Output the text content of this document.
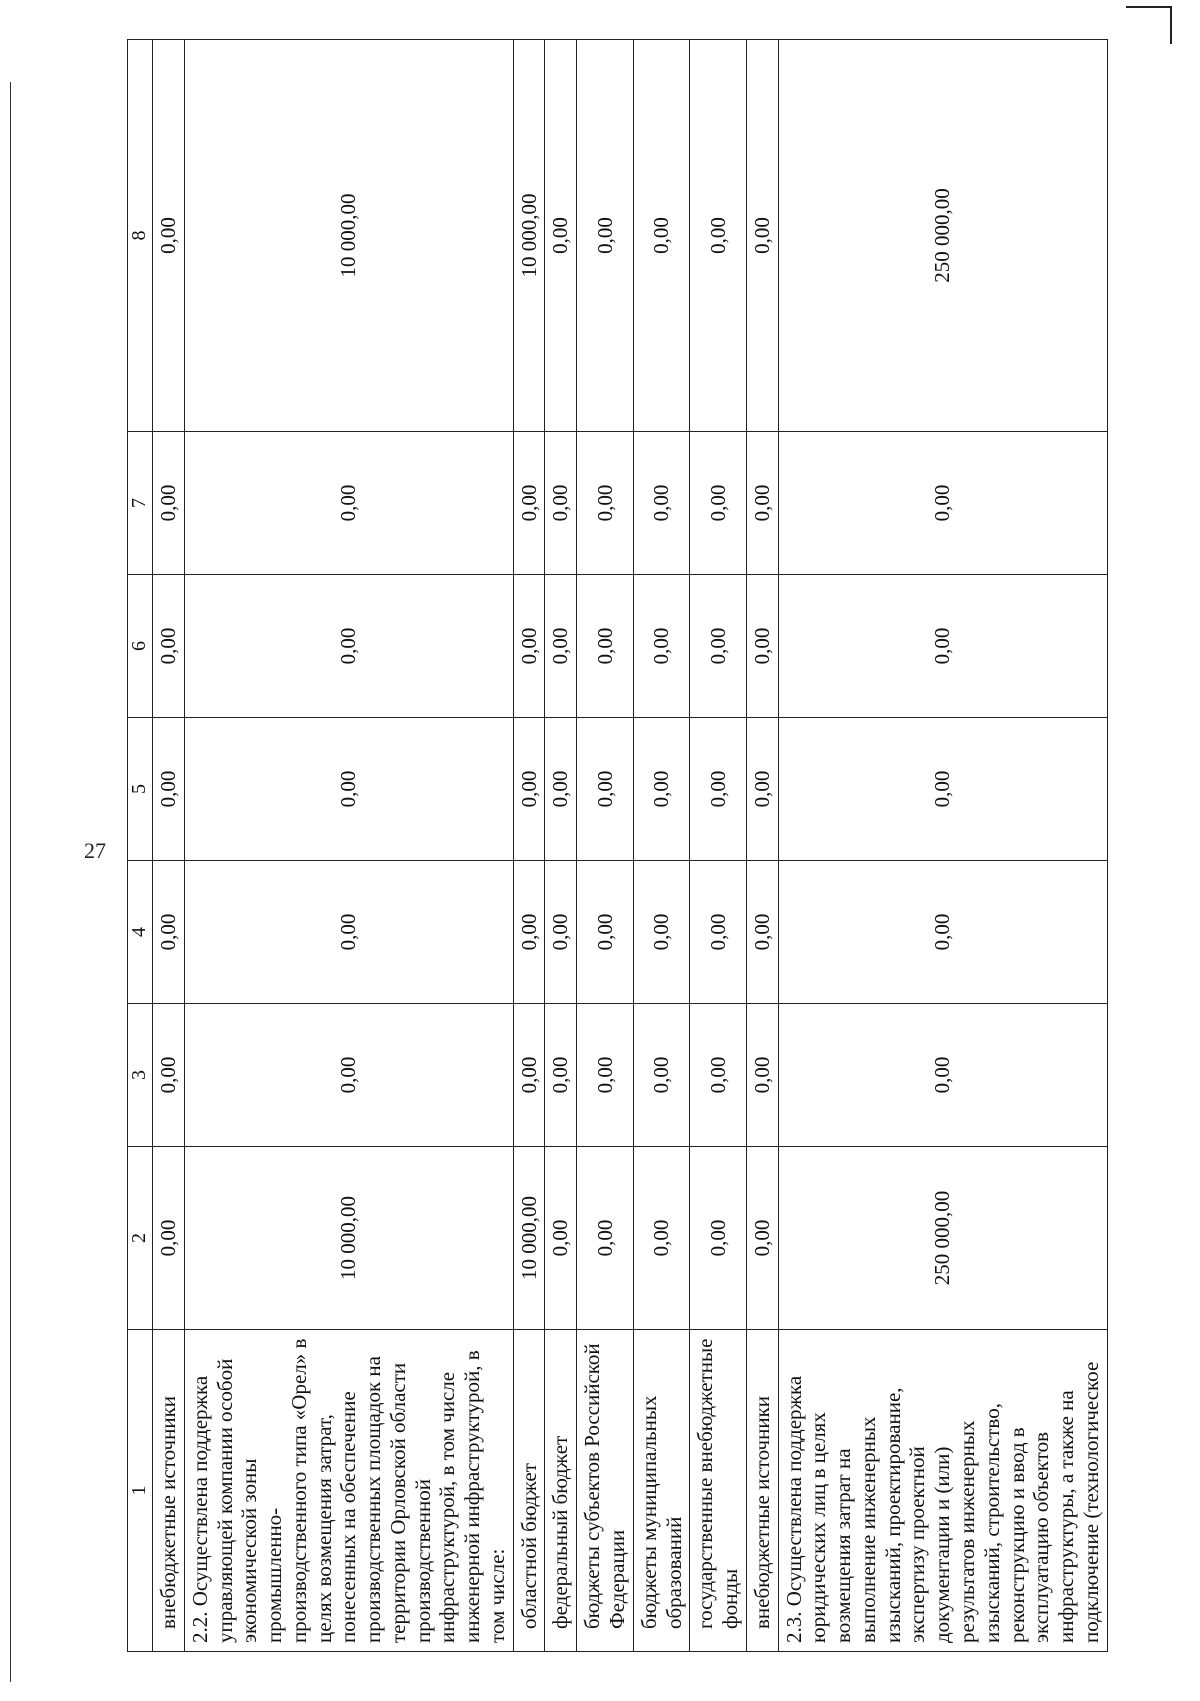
27
1	2	3	4	5	6	7	8
внебюджетные источники	0,00	0,00	0,00	0,00	0,00	0,00	0,00
2.2. Осуществлена поддержка управляющей компании особой экономической зоны промышленно-производственного типа «Орел» в целях возмещения затрат, понесенных на обеспечение производственных площадок на территории Орловской области производственной инфраструктурой, в том числе инженерной инфраструктурой, в том числе:	10 000,00	0,00	0,00	0,00	0,00	0,00	10 000,00
областной бюджет	10 000,00	0,00	0,00	0,00	0,00	0,00	10 000,00
федеральный бюджет	0,00	0,00	0,00	0,00	0,00	0,00	0,00
бюджеты субъектов Российской Федерации	0,00	0,00	0,00	0,00	0,00	0,00	0,00
бюджеты муниципальных образований	0,00	0,00	0,00	0,00	0,00	0,00	0,00
государственные внебюджетные фонды	0,00	0,00	0,00	0,00	0,00	0,00	0,00
внебюджетные источники	0,00	0,00	0,00	0,00	0,00	0,00	0,00
2.3. Осуществлена поддержка юридических лиц в целях возмещения затрат на выполнение инженерных изысканий, проектирование, экспертизу проектной документации и (или) результатов инженерных изысканий, строительство, реконструкцию и ввод в эксплуатацию объектов инфраструктуры, а также на подключение (технологическое	250 000,00	0,00	0,00	0,00	0,00	0,00	250 000,00
